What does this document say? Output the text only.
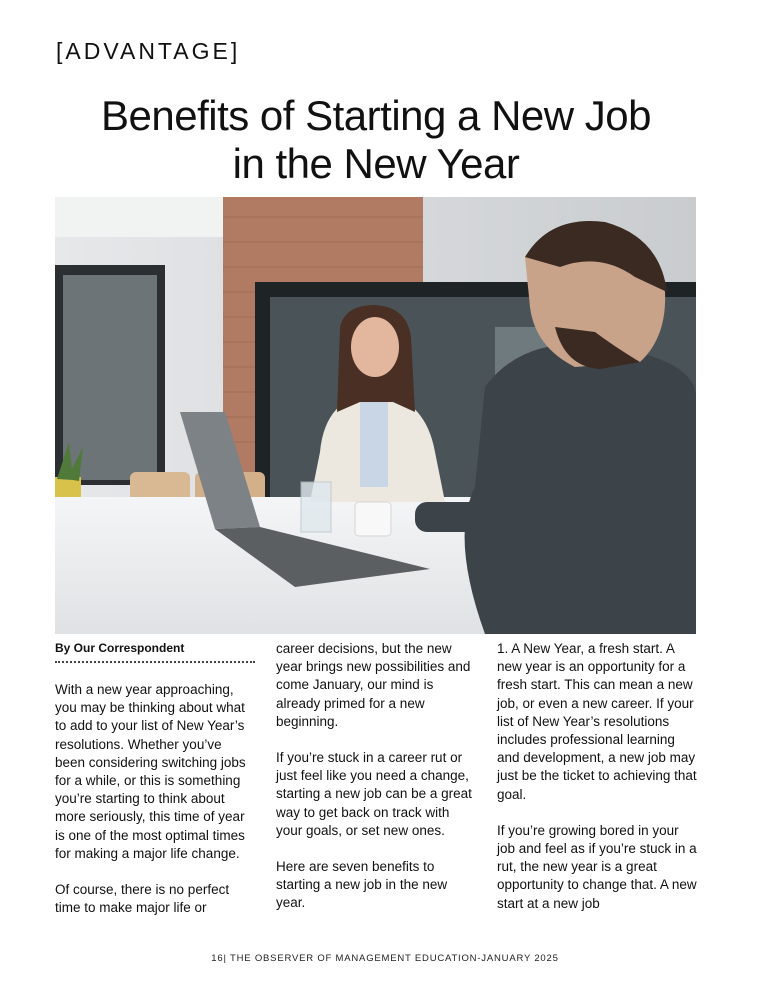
[ADVANTAGE]
Benefits of Starting a New Job
in the New Year

By Our Correspondent

With a new year approaching, you may be thinking about what to add to your list of New Year’s resolutions. Whether you’ve been considering switching jobs for a while, or this is something you’re starting to think about more seriously, this time of year is one of the most optimal times for making a major life change.

Of course, there is no perfect time to make major life or

career decisions, but the new year brings new possibilities and come January, our mind is already primed for a new beginning.

If you’re stuck in a career rut or just feel like you need a change, starting a new job can be a great way to get back on track with your goals, or set new ones.

Here are seven benefits to starting a new job in the new year.

1. A New Year, a fresh start. A new year is an opportunity for a fresh start. This can mean a new job, or even a new career. If your list of New Year’s resolutions includes professional learning and development, a new job may just be the ticket to achieving that goal.

If you’re growing bored in your job and feel as if you’re stuck in a rut, the new year is a great opportunity to change that. A new start at a new job

16| THE OBSERVER OF MANAGEMENT EDUCATION-JANUARY 2025
